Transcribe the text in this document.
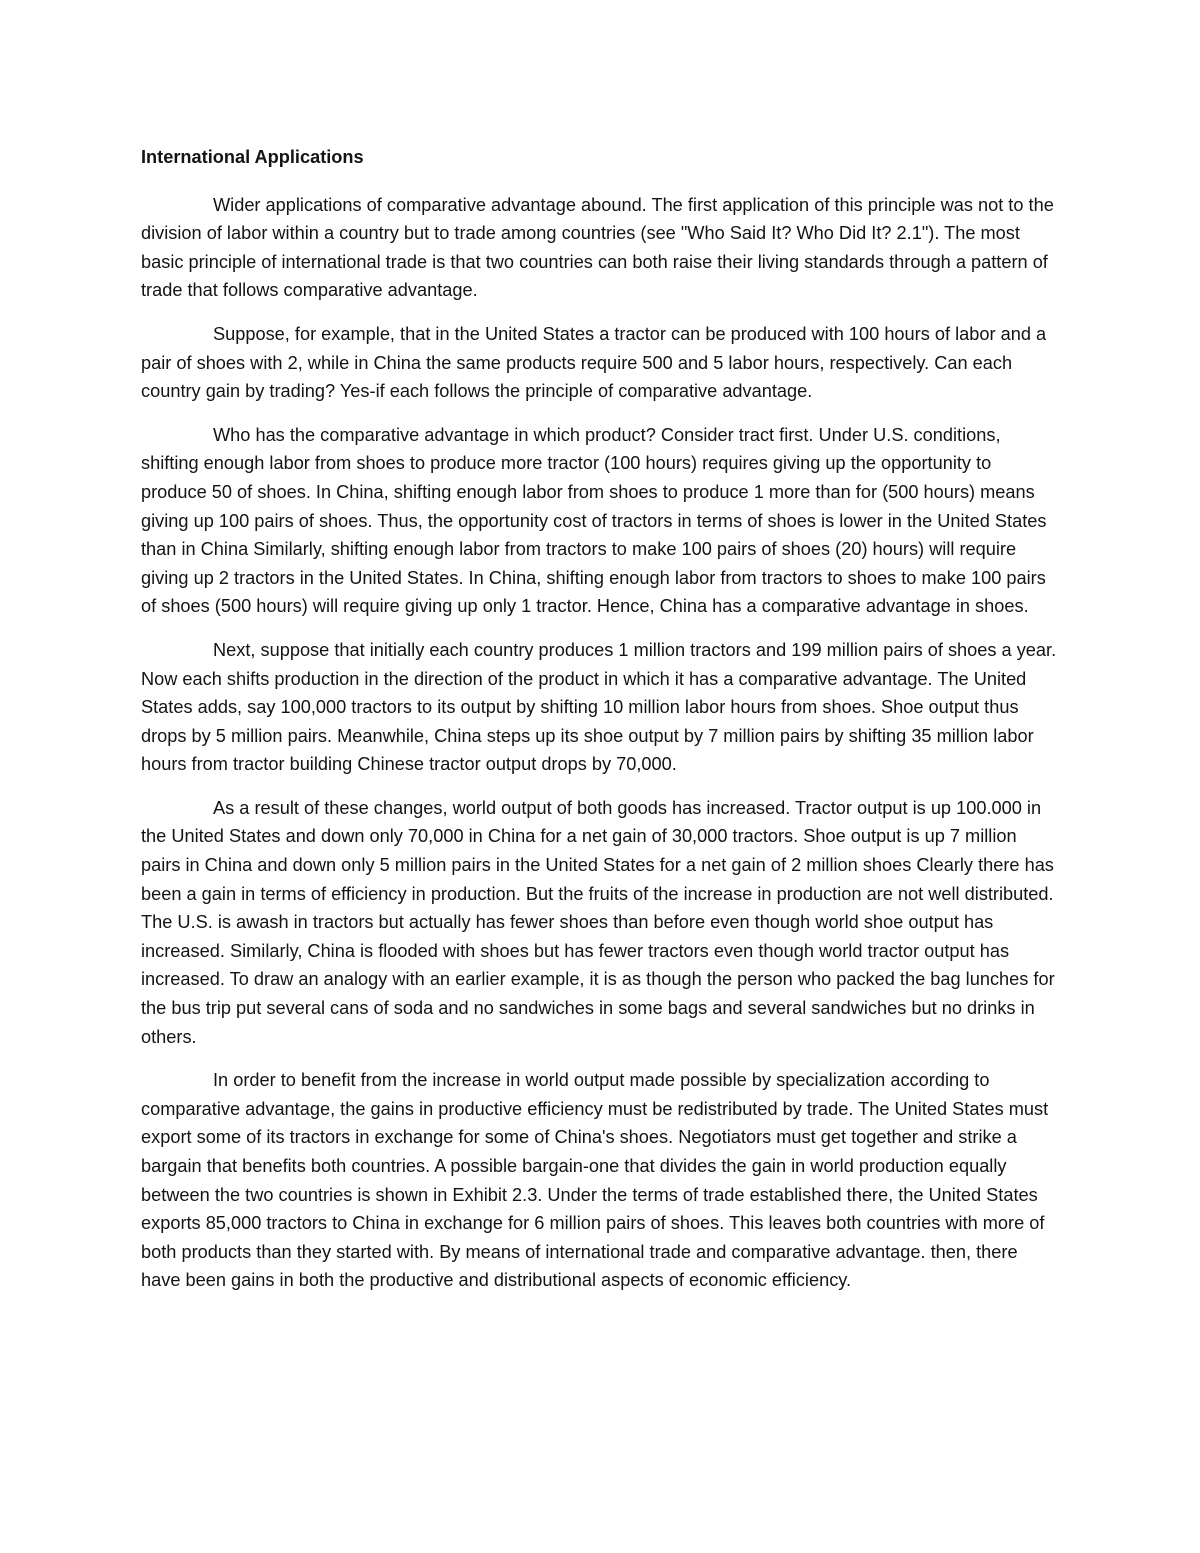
International Applications

Wider applications of comparative advantage abound. The first application of this principle was not to the division of labor within a country but to trade among countries (see "Who Said It? Who Did It? 2.1"). The most basic principle of international trade is that two countries can both raise their living standards through a pattern of trade that follows comparative advantage.

Suppose, for example, that in the United States a tractor can be produced with 100 hours of labor and a pair of shoes with 2, while in China the same products require 500 and 5 labor hours, respectively. Can each country gain by trading? Yes-if each follows the principle of comparative advantage.

Who has the comparative advantage in which product? Consider tract first. Under U.S. conditions, shifting enough labor from shoes to produce more tractor (100 hours) requires giving up the opportunity to produce 50 of shoes. In China, shifting enough labor from shoes to produce 1 more than for (500 hours) means giving up 100 pairs of shoes. Thus, the opportunity cost of tractors in terms of shoes is lower in the United States than in China Similarly, shifting enough labor from tractors to make 100 pairs of shoes (20) hours) will require giving up 2 tractors in the United States. In China, shifting enough labor from tractors to shoes to make 100 pairs of shoes (500 hours) will require giving up only 1 tractor. Hence, China has a comparative advantage in shoes.

Next, suppose that initially each country produces 1 million tractors and 199 million pairs of shoes a year. Now each shifts production in the direction of the product in which it has a comparative advantage. The United States adds, say 100,000 tractors to its output by shifting 10 million labor hours from shoes. Shoe output thus drops by 5 million pairs. Meanwhile, China steps up its shoe output by 7 million pairs by shifting 35 million labor hours from tractor building Chinese tractor output drops by 70,000.

As a result of these changes, world output of both goods has increased. Tractor output is up 100.000 in the United States and down only 70,000 in China for a net gain of 30,000 tractors. Shoe output is up 7 million pairs in China and down only 5 million pairs in the United States for a net gain of 2 million shoes Clearly there has been a gain in terms of efficiency in production. But the fruits of the increase in production are not well distributed. The U.S. is awash in tractors but actually has fewer shoes than before even though world shoe output has increased. Similarly, China is flooded with shoes but has fewer tractors even though world tractor output has increased. To draw an analogy with an earlier example, it is as though the person who packed the bag lunches for the bus trip put several cans of soda and no sandwiches in some bags and several sandwiches but no drinks in others.

In order to benefit from the increase in world output made possible by specialization according to comparative advantage, the gains in productive efficiency must be redistributed by trade. The United States must export some of its tractors in exchange for some of China's shoes. Negotiators must get together and strike a bargain that benefits both countries. A possible bargain-one that divides the gain in world production equally between the two countries is shown in Exhibit 2.3. Under the terms of trade established there, the United States exports 85,000 tractors to China in exchange for 6 million pairs of shoes. This leaves both countries with more of both products than they started with. By means of international trade and comparative advantage. then, there have been gains in both the productive and distributional aspects of economic efficiency.
